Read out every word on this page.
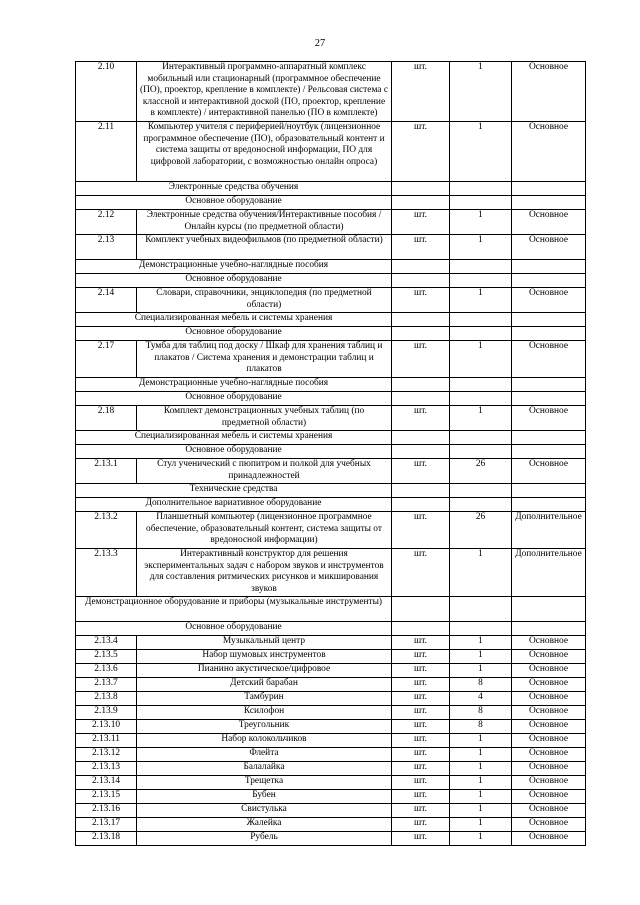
27
2.10	Интерактивный программно-аппаратный комплекс мобильный или стационарный (программное обеспечение (ПО), проектор, крепление в комплекте) / Рельсовая система с классной и интерактивной доской (ПО, проектор, крепление в комплекте) / интерактивной панелью (ПО в комплекте)	шт.	1	Основное
2.11	Компьютер учителя с периферией/ноутбук (лицензионное программное обеспечение (ПО), образовательный контент и система защиты от вредоносной информации, ПО для цифровой лаборатории, с возможностью онлайн опроса)	шт.	1	Основное
Электронные средства обучения				
Основное оборудование				
2.12	Электронные средства обучения/Интерактивные пособия / Онлайн курсы (по предметной области)	шт.	1	Основное
2.13	Комплект учебных видеофильмов (по предметной области)	шт.	1	Основное
Демонстрационные учебно-наглядные пособия				
Основное оборудование				
2.14	Словари, справочники, энциклопедия (по предметной области)	шт.	1	Основное
Специализированная мебель и системы хранения				
Основное оборудование				
2.17	Тумба для таблиц под доску / Шкаф для хранения таблиц и плакатов / Система хранения и демонстрации таблиц и плакатов	шт.	1	Основное
Демонстрационные учебно-наглядные пособия				
Основное оборудование				
2.18	Комплект демонстрационных учебных таблиц (по предметной области)	шт.	1	Основное
Специализированная мебель и системы хранения				
Основное оборудование				
2.13.1	Стул ученический с пюпитром и полкой для учебных принадлежностей	шт.	26	Основное
Технические средства				
Дополнительное вариативное оборудование				
2.13.2	Планшетный компьютер (лицензионное программное обеспечение, образовательный контент, система защиты от вредоносной информации)	шт.	26	Дополнительное
2.13.3	Интерактивный конструктор для решения экспериментальных задач с набором звуков и инструментов для составления ритмических рисунков и микширования звуков	шт.	1	Дополнительное
Демонстрационное оборудование и приборы (музыкальные инструменты)				
Основное оборудование				
2.13.4	Музыкальный центр	шт.	1	Основное
2.13.5	Набор шумовых инструментов	шт.	1	Основное
2.13.6	Пианино акустическое/цифровое	шт.	1	Основное
2.13.7	Детский барабан	шт.	8	Основное
2.13.8	Тамбурин	шт.	4	Основное
2.13.9	Ксилофон	шт.	8	Основное
2.13.10	Треугольник	шт.	8	Основное
2.13.11	Набор колокольчиков	шт.	1	Основное
2.13.12	Флейта	шт.	1	Основное
2.13.13	Балалайка	шт.	1	Основное
2.13.14	Трещетка	шт.	1	Основное
2.13.15	Бубен	шт.	1	Основное
2.13.16	Свистулька	шт.	1	Основное
2.13.17	Жалейка	шт.	1	Основное
2.13.18	Рубель	шт.	1	Основное
